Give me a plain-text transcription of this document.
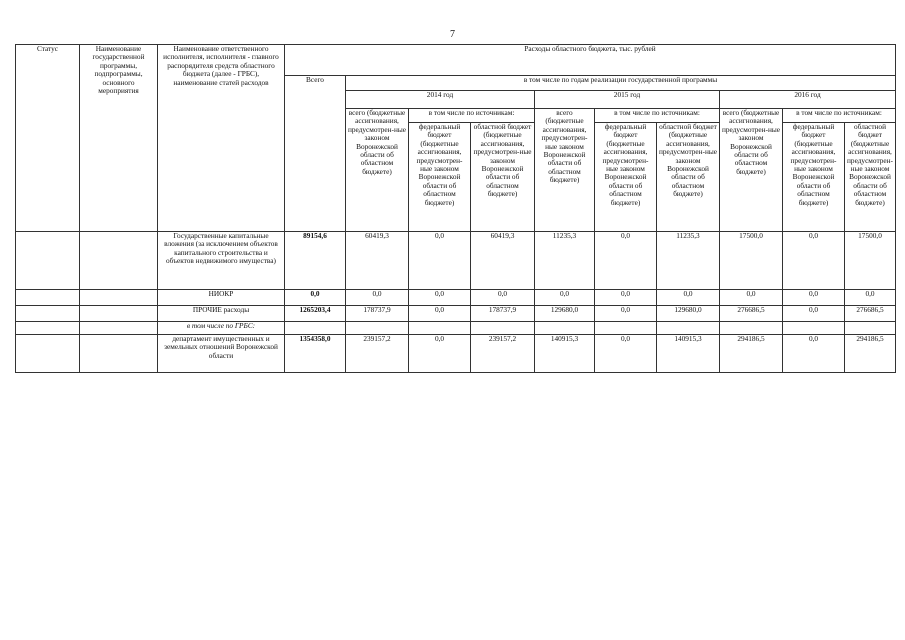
7
Статус	Наименование государственной программы, подпрограммы, основного мероприятия	Наименование ответственного исполнителя, исполнителя - главного распорядителя средств областного бюджета (далее - ГРБС), наименование статей расходов	Расходы областного бюджета, тыс. рублей									
			Всего	в том числе по годам реализации государственной программы								
				2014 год			2015 год			2016 год		
				всего (бюджетные ассигнования, предусмотрен-ные законом Воронежской области об областном бюджете)	в том числе по источникам:		всего (бюджетные ассигнования, предусмотрен-ные законом Воронежской области об областном бюджете)	в том числе по источникам:		всего (бюджетные ассигнования, предусмотрен-ные законом Воронежской области об областном бюджете)	в том числе по источникам:	
					федеральный бюджет (бюджетные ассигнования, предусмотрен-ные законом Воронежской области об областном бюджете)	областной бюджет (бюджетные ассигнования, предусмотрен-ные законом Воронежской области об областном бюджете)		федеральный бюджет (бюджетные ассигнования, предусмотрен-ные законом Воронежской области об областном бюджете)	областной бюджет (бюджетные ассигнования, предусмотрен-ные законом Воронежской области об областном бюджете)		федеральный бюджет (бюджетные ассигнования, предусмотрен-ные законом Воронежской области об областном бюджете)	областной бюджет (бюджетные ассигнования, предусмотрен-ные законом Воронежской области об областном бюджете)
		Государственные капитальные вложения (за исключением объектов капитального строительства и объектов недвижимого имущества)	89154,6	60419,3	0,0	60419,3	11235,3	0,0	11235,3	17500,0	0,0	17500,0
		НИОКР	0,0	0,0	0,0	0,0	0,0	0,0	0,0	0,0	0,0	0,0
		ПРОЧИЕ расходы	1265203,4	178737,9	0,0	178737,9	129680,0	0,0	129680,0	276686,5	0,0	276686,5
		в том числе по ГРБС:										
		департамент имущественных и земельных отношений Воронежской области	1354358,0	239157,2	0,0	239157,2	140915,3	0,0	140915,3	294186,5	0,0	294186,5
